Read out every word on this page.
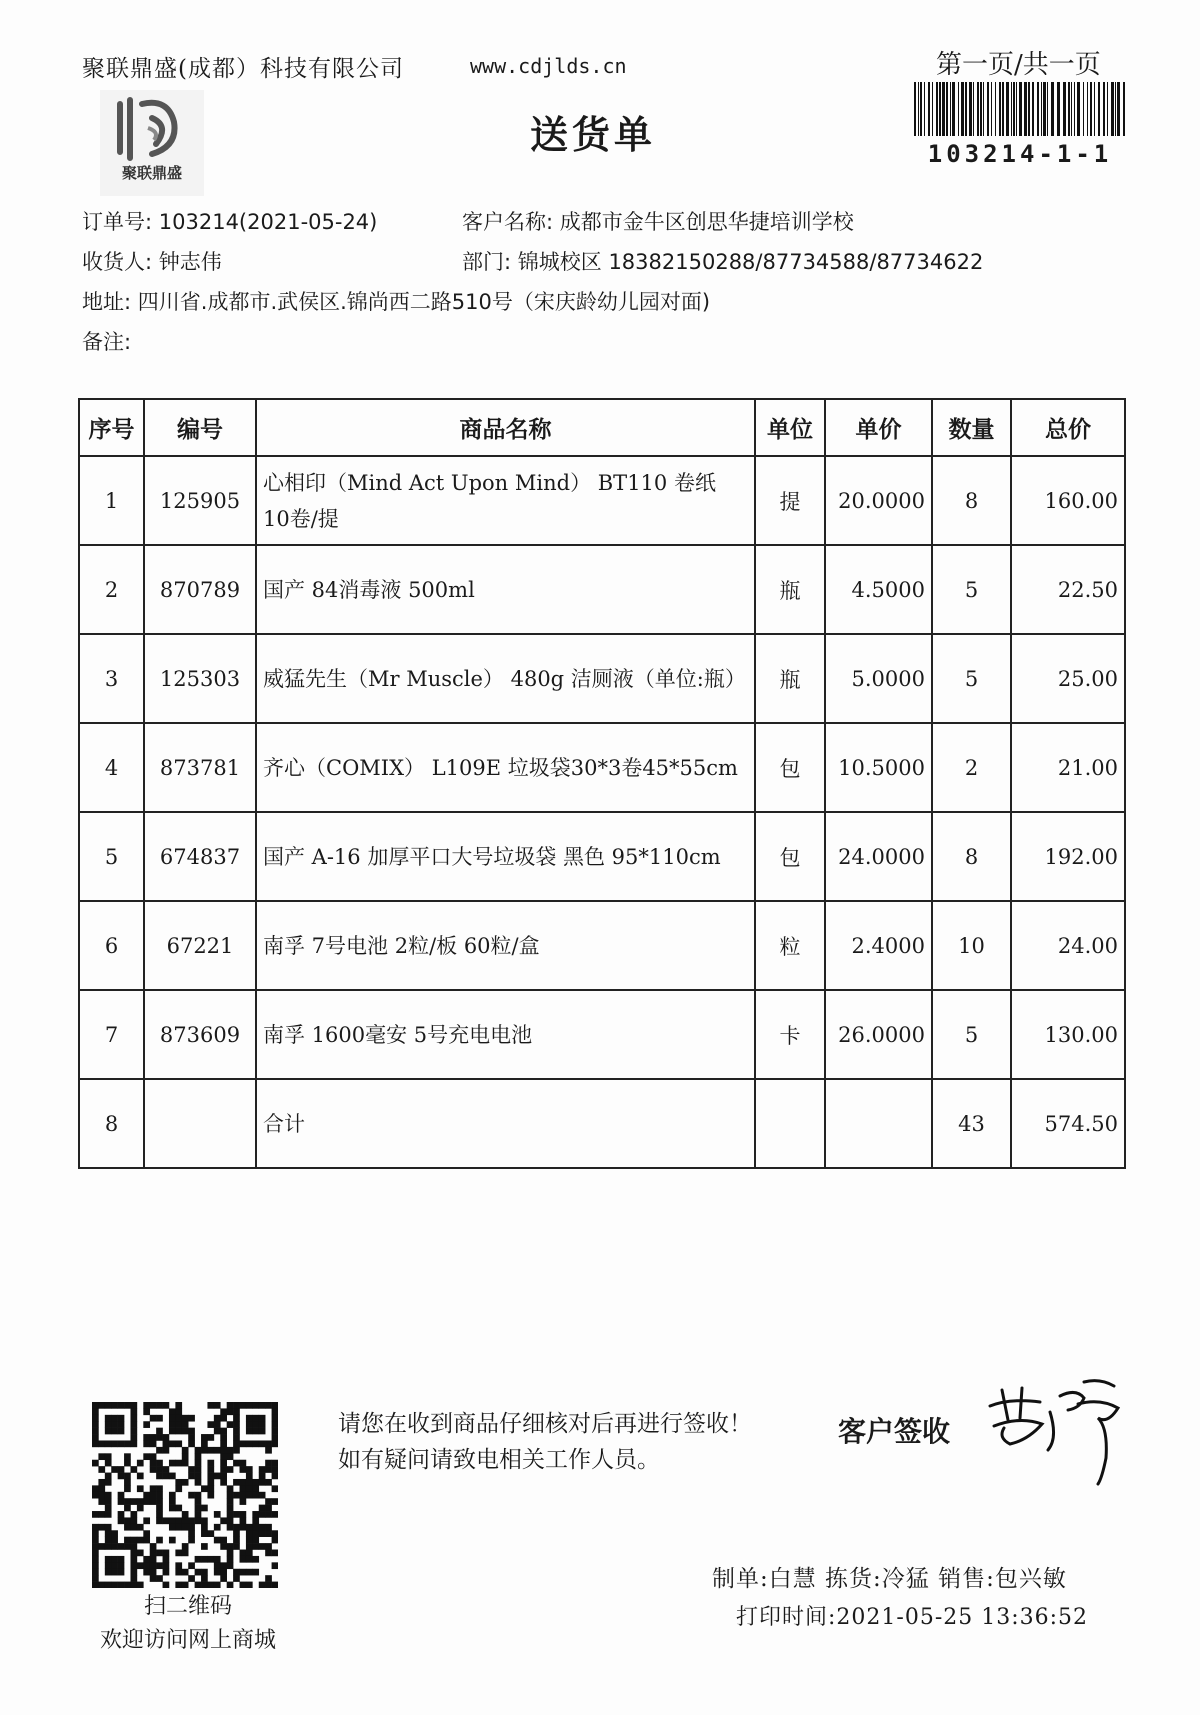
聚联鼎盛(成都）科技有限公司	www.cdjlds.cn	第一页/共一页
聚联鼎盛
送货单	103214-1-1
订单号: 103214(2021-05-24)	客户名称: 成都市金牛区创思华捷培训学校
收货人: 钟志伟	部门: 锦城校区 18382150288/87734588/87734622
地址: 四川省.成都市.武侯区.锦尚西二路510号（宋庆龄幼儿园对面)
备注:
序号	编号	商品名称	单位	单价	数量	总价
1	125905	心相印（Mind Act Upon Mind） BT110 卷纸 10卷/提	提	20.0000	8	160.00
2	870789	国产 84消毒液 500ml	瓶	4.5000	5	22.50
3	125303	威猛先生（Mr Muscle） 480g 洁厕液（单位:瓶）	瓶	5.0000	5	25.00
4	873781	齐心（COMIX） L109E 垃圾袋30*3卷45*55cm	包	10.5000	2	21.00
5	674837	国产 A-16 加厚平口大号垃圾袋 黑色 95*110cm	包	24.0000	8	192.00
6	67221	南孚 7号电池 2粒/板 60粒/盒	粒	2.4000	10	24.00
7	873609	南孚 1600毫安 5号充电电池	卡	26.0000	5	130.00
8		合计			43	574.50
扫二维码
欢迎访问网上商城
请您在收到商品仔细核对后再进行签收！如有疑问请致电相关工作人员。
客户签收
制单:白慧 拣货:冷猛 销售:包兴敏
打印时间:2021-05-25 13:36:52
